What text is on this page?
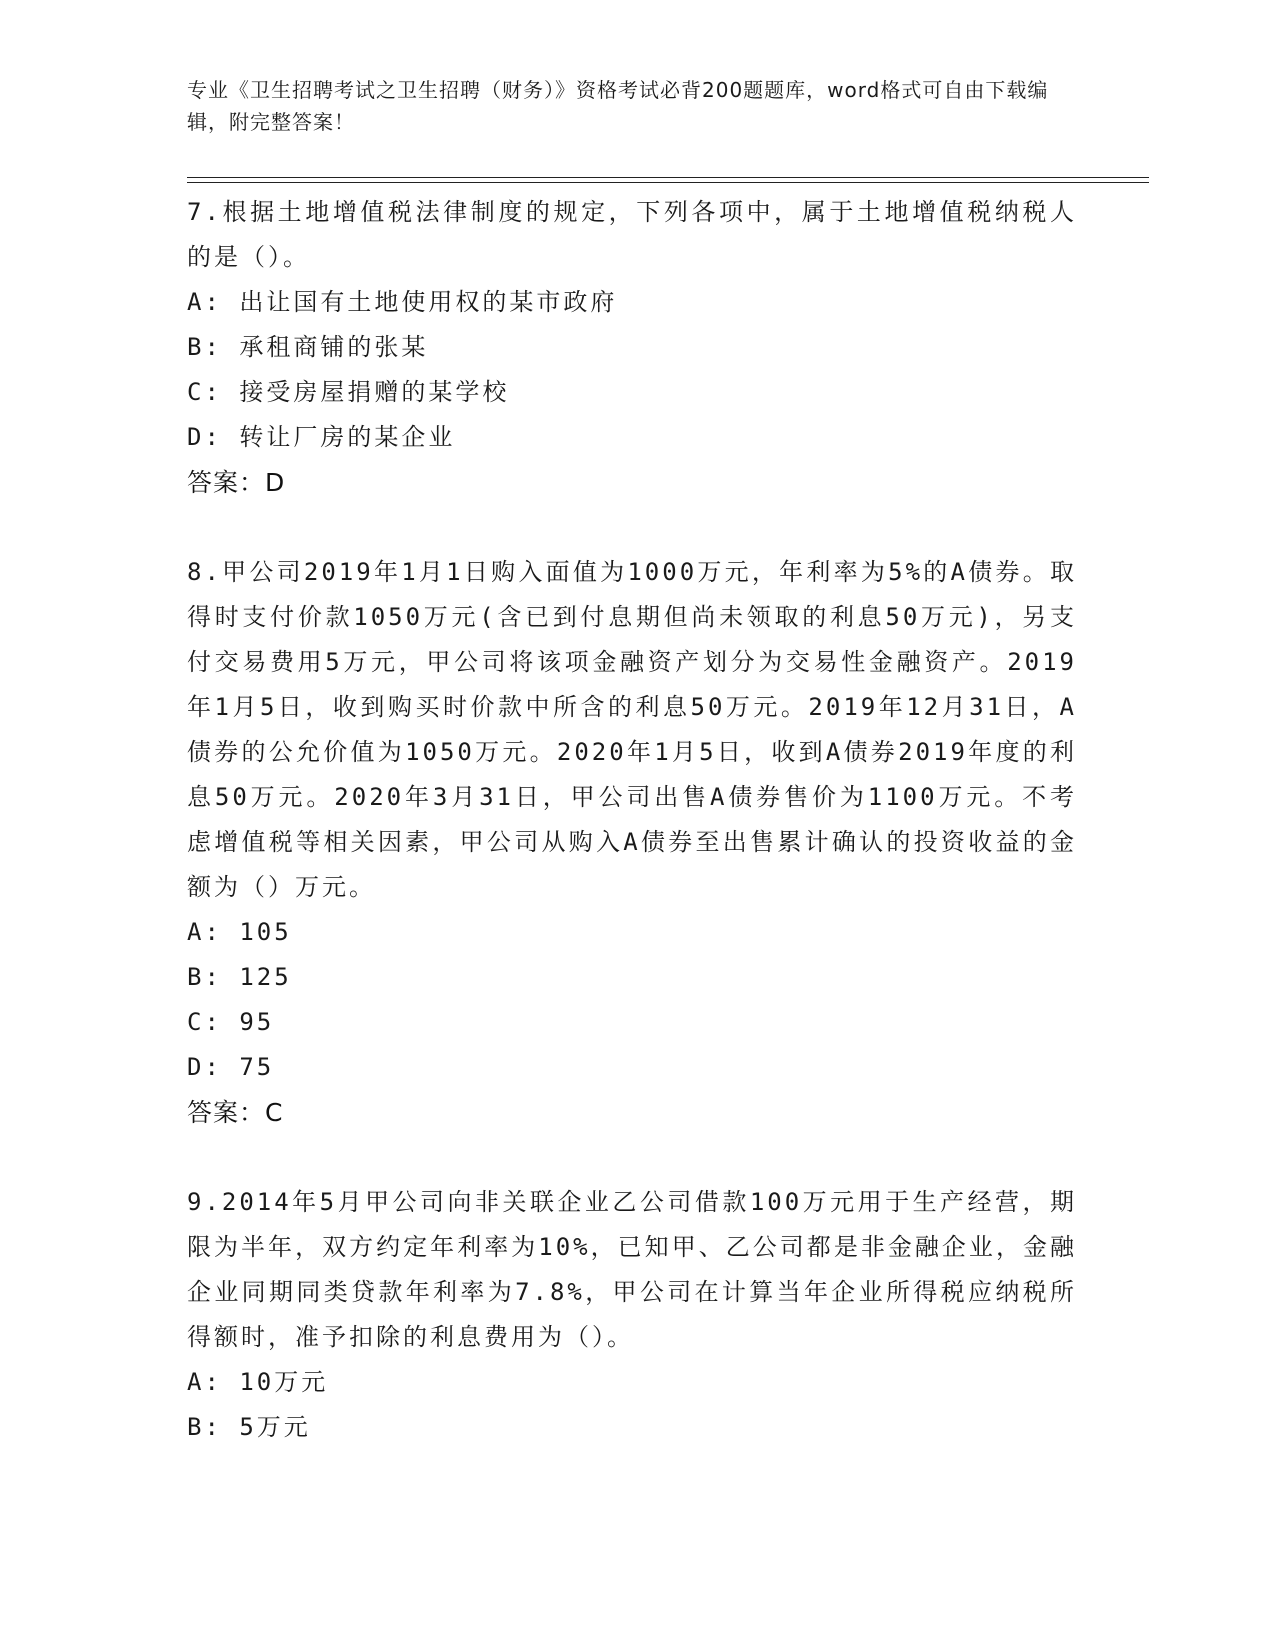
专业《卫生招聘考试之卫生招聘（财务）》资格考试必背200题题库，word格式可自由下载编辑，附完整答案！
7.根据土地增值税法律制度的规定，下列各项中，属于土地增值税纳税人的是（）。
A: 出让国有土地使用权的某市政府
B: 承租商铺的张某
C: 接受房屋捐赠的某学校
D: 转让厂房的某企业
答案：D
8.甲公司2019年1月1日购入面值为1000万元，年利率为5%的A债券。取得时支付价款1050万元(含已到付息期但尚未领取的利息50万元)，另支付交易费用5万元，甲公司将该项金融资产划分为交易性金融资产。2019年1月5日，收到购买时价款中所含的利息50万元。2019年12月31日，A债券的公允价值为1050万元。2020年1月5日，收到A债券2019年度的利息50万元。2020年3月31日，甲公司出售A债券售价为1100万元。不考虑增值税等相关因素，甲公司从购入A债券至出售累计确认的投资收益的金额为（）万元。
A: 105
B: 125
C: 95
D: 75
答案：C
9.2014年5月甲公司向非关联企业乙公司借款100万元用于生产经营，期限为半年，双方约定年利率为10%，已知甲、乙公司都是非金融企业，金融企业同期同类贷款年利率为7.8%，甲公司在计算当年企业所得税应纳税所得额时，准予扣除的利息费用为（）。
A: 10万元
B: 5万元
